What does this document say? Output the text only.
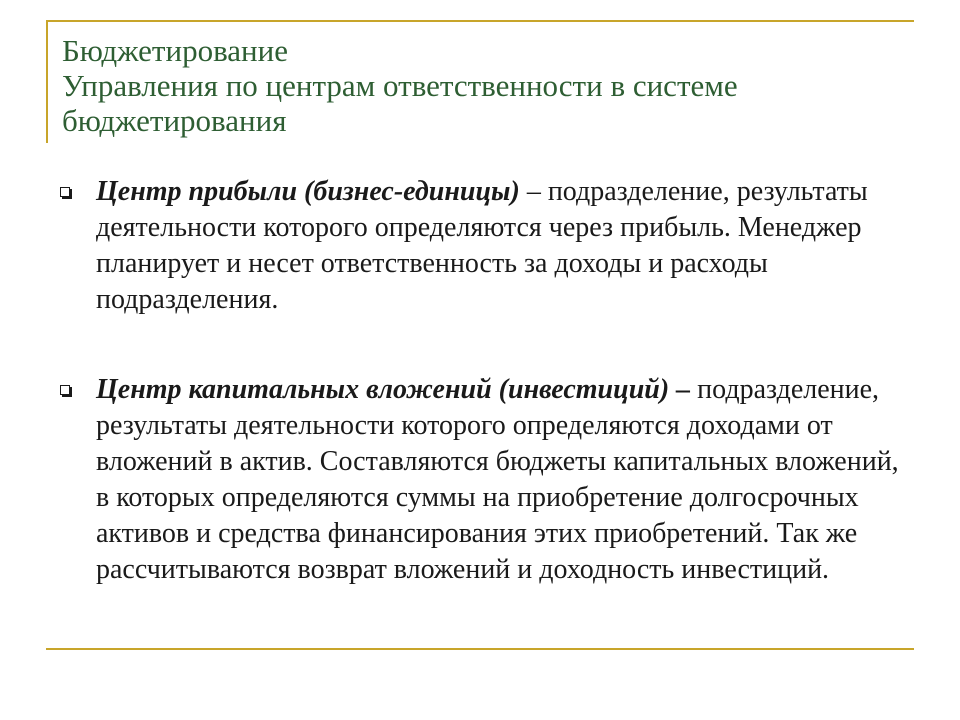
Бюджетирование
Управления по центрам ответственности в системе бюджетирования
Центр прибыли (бизнес-единицы) – подразделение, результаты деятельности которого определяются через прибыль. Менеджер планирует и несет ответственность за доходы и расходы подразделения.
Центр капитальных вложений (инвестиций) – подразделение, результаты деятельности которого определяются доходами от вложений в актив. Составляются бюджеты капитальных вложений, в которых определяются суммы на приобретение долгосрочных активов и средства финансирования этих приобретений. Так же рассчитываются возврат вложений и доходность инвестиций.
